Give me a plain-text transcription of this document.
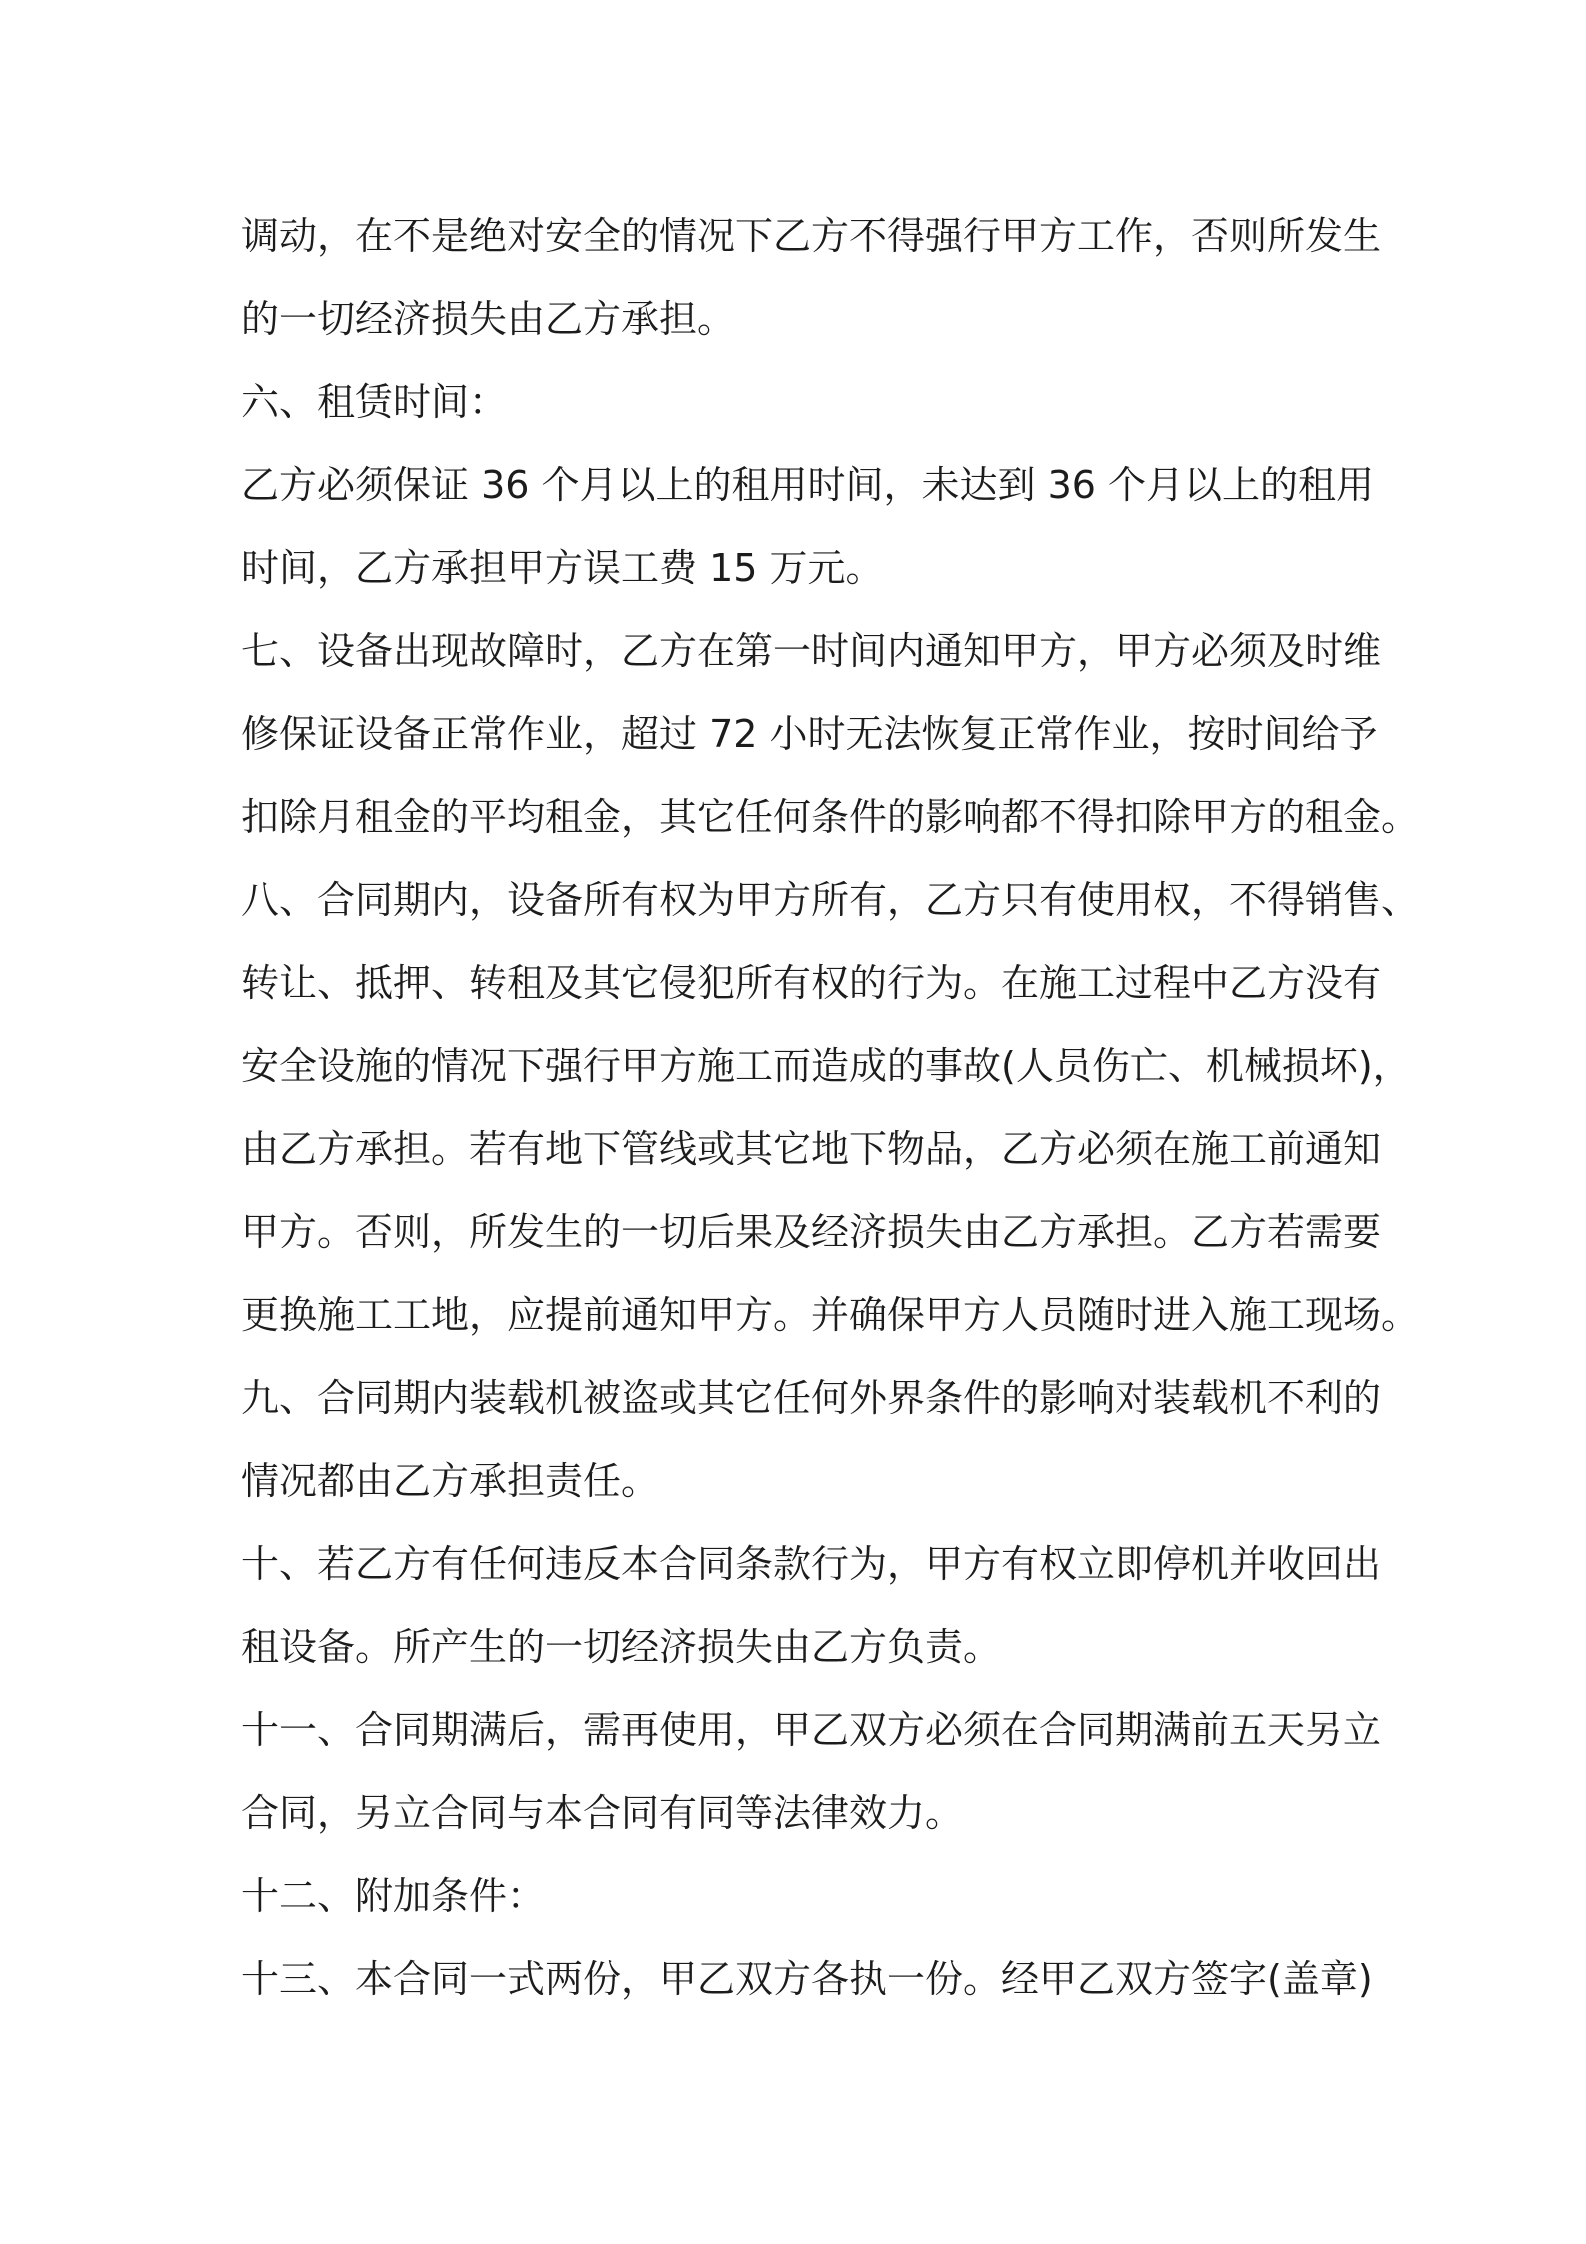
调动，在不是绝对安全的情况下乙方不得强行甲方工作，否则所发生
的一切经济损失由乙方承担。
六、租赁时间：
乙方必须保证 36 个月以上的租用时间，未达到 36 个月以上的租用
时间，乙方承担甲方误工费 15 万元。
七、设备出现故障时，乙方在第一时间内通知甲方，甲方必须及时维
修保证设备正常作业，超过 72 小时无法恢复正常作业，按时间给予
扣除月租金的平均租金，其它任何条件的影响都不得扣除甲方的租金。
八、合同期内，设备所有权为甲方所有，乙方只有使用权，不得销售、
转让、抵押、转租及其它侵犯所有权的行为。在施工过程中乙方没有
安全设施的情况下强行甲方施工而造成的事故(人员伤亡、机械损坏)，
由乙方承担。若有地下管线或其它地下物品，乙方必须在施工前通知
甲方。否则，所发生的一切后果及经济损失由乙方承担。乙方若需要
更换施工工地，应提前通知甲方。并确保甲方人员随时进入施工现场。
九、合同期内装载机被盗或其它任何外界条件的影响对装载机不利的
情况都由乙方承担责任。
十、若乙方有任何违反本合同条款行为，甲方有权立即停机并收回出
租设备。所产生的一切经济损失由乙方负责。
十一、合同期满后，需再使用，甲乙双方必须在合同期满前五天另立
合同，另立合同与本合同有同等法律效力。
十二、附加条件：
十三、本合同一式两份，甲乙双方各执一份。经甲乙双方签字(盖章)
